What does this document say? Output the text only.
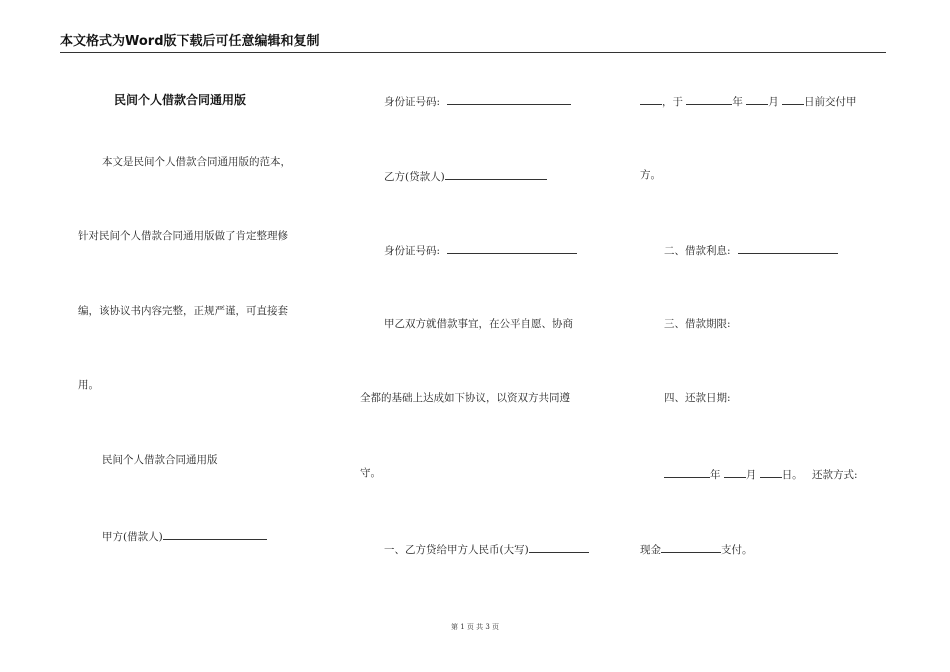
本文格式为Word版下载后可任意编辑和复制
民间个人借款合同通用版
本文是民间个人借款合同通用版的范本，
针对民间个人借款合同通用版做了肯定整理修
编，该协议书内容完整，正规严谨，可直接套
用。
民间个人借款合同通用版
甲方(借款人)
身份证号码:
乙方(贷款人)
身份证号码:
甲乙双方就借款事宜，在公平自愿、协商
全都的基础上达成如下协议，以资双方共同遵
守。
一、乙方贷给甲方人民币(大写)
，于	年 月 日前交付甲
方。
二、借款利息:
三、借款期限:
四、还款日期:
年 月 日。 还款方式:
现金	支付。
第 1 页 共 3 页
